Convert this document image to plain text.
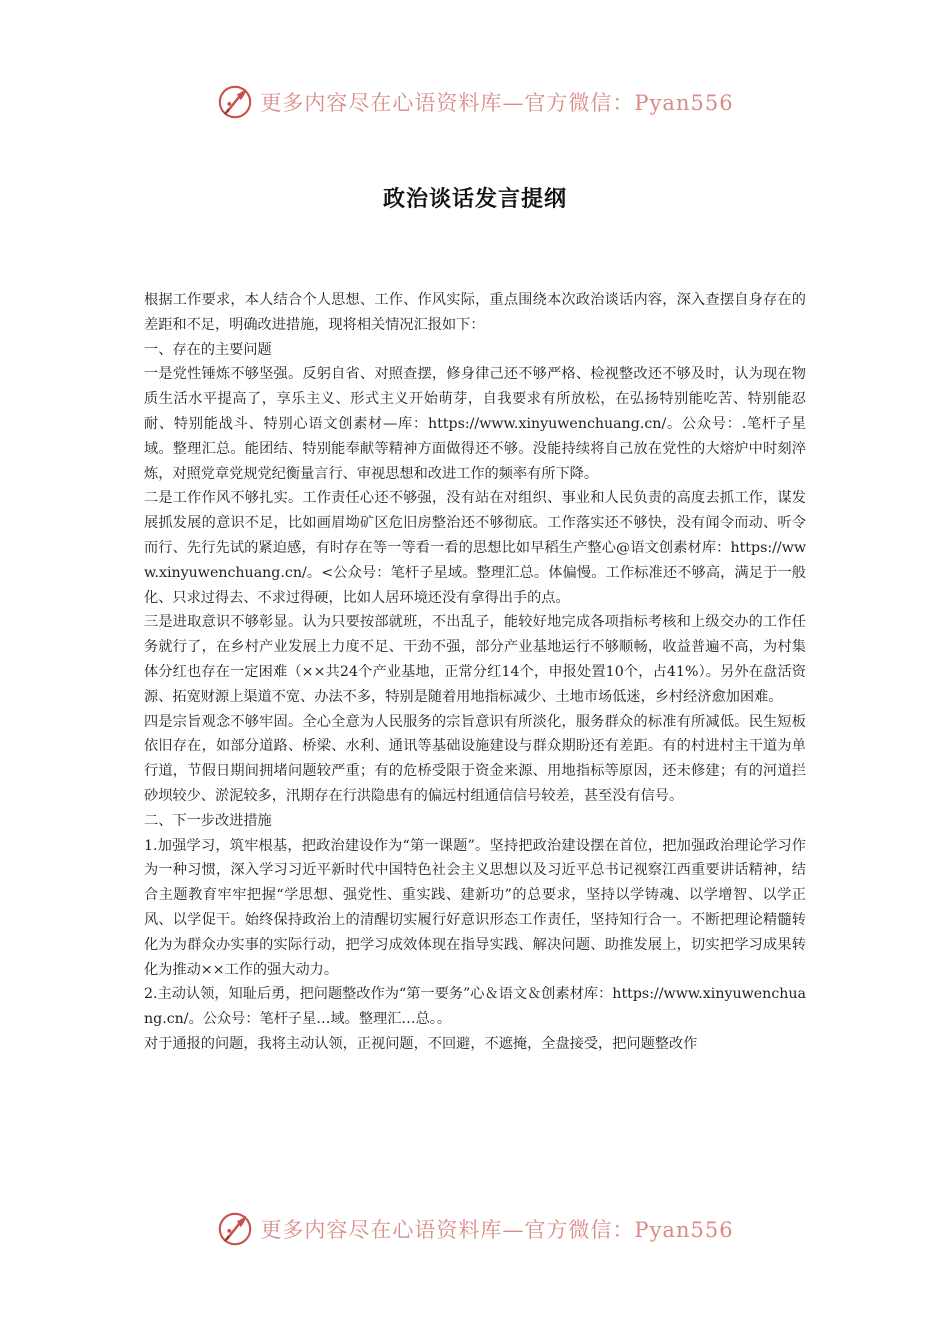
更多内容尽在心语资料库—官方微信：Pyan556
政治谈话发言提纲

根据工作要求，本人结合个人思想、工作、作风实际，重点围绕本次政治谈话内容，深入查摆自身存在的差距和不足，明确改进措施，现将相关情况汇报如下：

一、存在的主要问题

一是党性锤炼不够坚强。反躬自省、对照查摆，修身律己还不够严格、检视整改还不够及时，认为现在物质生活水平提高了，享乐主义、形式主义开始萌芽，自我要求有所放松，在弘扬特别能吃苦、特别能忍耐、特别能战斗、特别心语文创素材—库：https://www.xinyuwenchuang.cn/。公众号：.笔杆子星域。整理汇总。能团结、特别能奉献等精神方面做得还不够。没能持续将自己放在党性的大熔炉中时刻淬炼，对照党章党规党纪衡量言行、审视思想和改进工作的频率有所下降。

二是工作作风不够扎实。工作责任心还不够强，没有站在对组织、事业和人民负责的高度去抓工作，谋发展抓发展的意识不足，比如画眉坳矿区危旧房整治还不够彻底。工作落实还不够快，没有闻令而动、听令而行、先行先试的紧迫感，有时存在等一等看一看的思想比如早稻生产整心@语文创素材库：https://www.xinyuwenchuang.cn/。<公众号：笔杆子星域。整理汇总。体偏慢。工作标准还不够高，满足于一般化、只求过得去、不求过得硬，比如人居环境还没有拿得出手的点。

三是进取意识不够彰显。认为只要按部就班，不出乱子，能较好地完成各项指标考核和上级交办的工作任务就行了，在乡村产业发展上力度不足、干劲不强，部分产业基地运行不够顺畅，收益普遍不高，为村集体分红也存在一定困难（××共24个产业基地，正常分红14个，申报处置10个，占41%）。另外在盘活资源、拓宽财源上渠道不宽、办法不多，特别是随着用地指标减少、土地市场低迷，乡村经济愈加困难。

四是宗旨观念不够牢固。全心全意为人民服务的宗旨意识有所淡化，服务群众的标准有所减低。民生短板依旧存在，如部分道路、桥梁、水利、通讯等基础设施建设与群众期盼还有差距。有的村进村主干道为单行道，节假日期间拥堵问题较严重；有的危桥受限于资金来源、用地指标等原因，还未修建；有的河道拦砂坝较少、淤泥较多，汛期存在行洪隐患有的偏远村组通信信号较差，甚至没有信号。

二、下一步改进措施

1.加强学习，筑牢根基，把政治建设作为“第一课题”。坚持把政治建设摆在首位，把加强政治理论学习作为一种习惯，深入学习习近平新时代中国特色社会主义思想以及习近平总书记视察江西重要讲话精神，结合主题教育牢牢把握“学思想、强党性、重实践、建新功”的总要求，坚持以学铸魂、以学增智、以学正风、以学促干。始终保持政治上的清醒切实履行好意识形态工作责任，坚持知行合一。不断把理论精髓转化为为群众办实事的实际行动，把学习成效体现在指导实践、解决问题、助推发展上，切实把学习成果转化为推动××工作的强大动力。

2.主动认领，知耻后勇，把问题整改作为“第一要务”心＆语文＆创素材库：https://www.xinyuwenchuang.cn/。公众号：笔杆子星…域。整理汇…总。。

对于通报的问题，我将主动认领，正视问题，不回避，不遮掩，全盘接受，把问题整改作

更多内容尽在心语资料库—官方微信：Pyan556
